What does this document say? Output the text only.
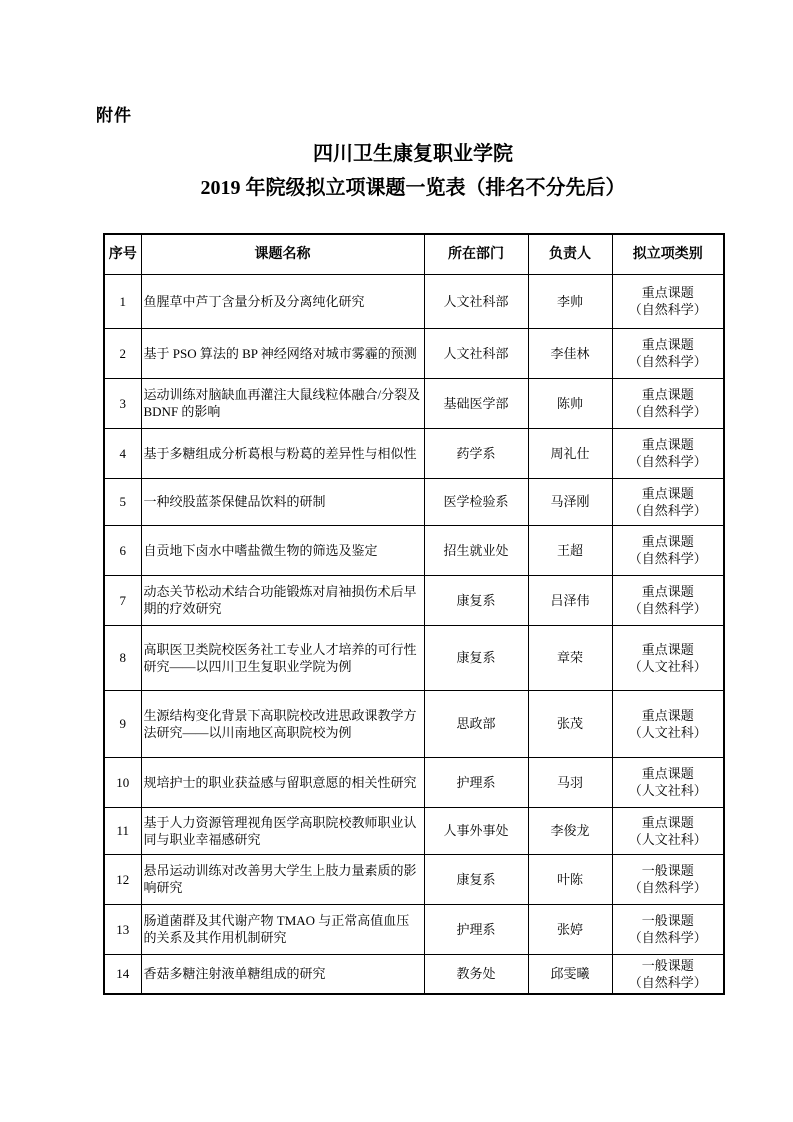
附件
四川卫生康复职业学院
2019 年院级拟立项课题一览表（排名不分先后）
序号	课题名称	所在部门	负责人	拟立项类别
1	鱼腥草中芦丁含量分析及分离纯化研究	人文社科部	李帅	重点课题
（自然科学）

2	基于 PSO 算法的 BP 神经网络对城市雾霾的预测	人文社科部	李佳林	重点课题
（自然科学）

3	运动训练对脑缺血再灌注大鼠线粒体融合/分裂及 BDNF 的影响	基础医学部	陈帅	重点课题
（自然科学）

4	基于多糖组成分析葛根与粉葛的差异性与相似性	药学系	周礼仕	重点课题
（自然科学）

5	一种绞股蓝茶保健品饮料的研制	医学检验系	马泽刚	重点课题
（自然科学）

6	自贡地下卤水中嗜盐微生物的筛选及鉴定	招生就业处	王超	重点课题
（自然科学）

7	动态关节松动术结合功能锻炼对肩袖损伤术后早期的疗效研究	康复系	吕泽伟	重点课题
（自然科学）

8	高职医卫类院校医务社工专业人才培养的可行性研究——以四川卫生复职业学院为例	康复系	章荣	重点课题
（人文社科）

9	生源结构变化背景下高职院校改进思政课教学方法研究——以川南地区高职院校为例	思政部	张茂	重点课题
（人文社科）

10	规培护士的职业获益感与留职意愿的相关性研究	护理系	马羽	重点课题
（人文社科）

11	基于人力资源管理视角医学高职院校教师职业认同与职业幸福感研究	人事外事处	李俊龙	重点课题
（人文社科）

12	悬吊运动训练对改善男大学生上肢力量素质的影响研究	康复系	叶陈	一般课题
（自然科学）

13	肠道菌群及其代谢产物 TMAO 与正常高值血压的关系及其作用机制研究	护理系	张婷	一般课题
（自然科学）

14	香菇多糖注射液单糖组成的研究	教务处	邱雯曦	一般课题
（自然科学）
